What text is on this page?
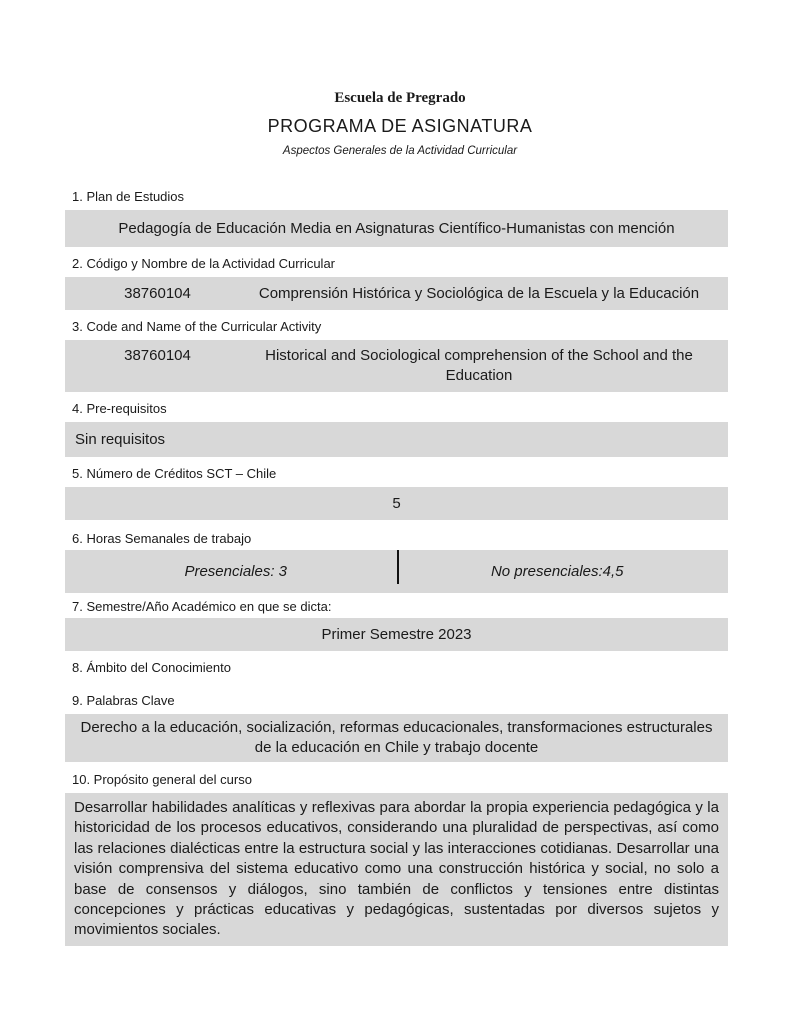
Escuela de Pregrado
PROGRAMA DE ASIGNATURA
Aspectos Generales de la Actividad Curricular
1. Plan de Estudios
Pedagogía de Educación Media en Asignaturas Científico-Humanistas con mención
2. Código y Nombre de la Actividad Curricular
38760104	Comprensión Histórica y Sociológica de la Escuela y la Educación
3. Code and Name of the Curricular Activity
38760104	Historical and Sociological comprehension of the School and the Education
4. Pre-requisitos
Sin requisitos
5. Número de Créditos SCT – Chile
5
6. Horas Semanales de trabajo
Presenciales: 3	No presenciales:4,5
7. Semestre/Año Académico en que se dicta:
Primer Semestre 2023
8. Ámbito del Conocimiento
9. Palabras Clave
Derecho a la educación, socialización, reformas educacionales, transformaciones estructurales de la educación en Chile y trabajo docente
10. Propósito general del curso
Desarrollar habilidades analíticas y reflexivas para abordar la propia experiencia pedagógica y la historicidad de los procesos educativos, considerando una pluralidad de perspectivas, así como las relaciones dialécticas entre la estructura social y las interacciones cotidianas. Desarrollar una visión comprensiva del sistema educativo como una construcción histórica y social, no solo a base de consensos y diálogos, sino también de conflictos y tensiones entre distintas concepciones y prácticas educativas y pedagógicas, sustentadas por diversos sujetos y movimientos sociales.
